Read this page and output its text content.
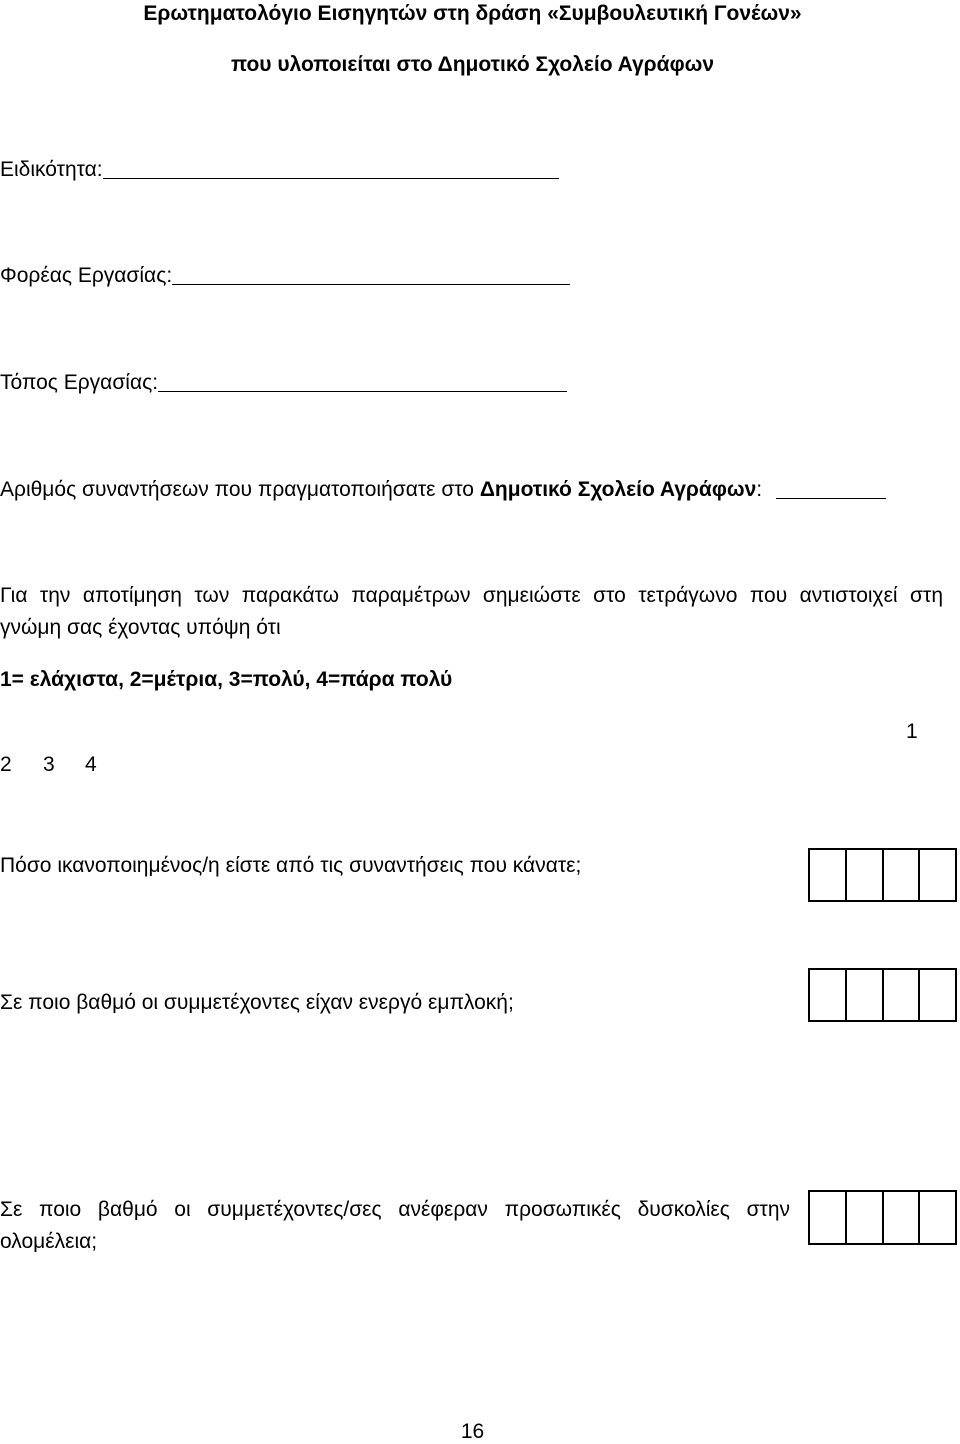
Ερωτηματολόγιο Εισηγητών στη δράση «Συμβουλευτική Γονέων»
που υλοποιείται στο Δημοτικό Σχολείο Αγράφων
Ειδικότητα:
Φορέας Εργασίας:
Τόπος Εργασίας:
Αριθμός συναντήσεων που πραγματοποιήσατε στο Δημοτικό Σχολείο Αγράφων:
Για την αποτίμηση των παρακάτω παραμέτρων σημειώστε στο τετράγωνο που αντιστοιχεί στη
γνώμη σας έχοντας υπόψη ότι
1= ελάχιστα, 2=μέτρια, 3=πολύ, 4=πάρα πολύ
1
2 3 4
Πόσο ικανοποιημένος/η είστε από τις συναντήσεις που κάνατε;
Σε ποιο βαθμό οι συμμετέχοντες είχαν ενεργό εμπλοκή;
Σε ποιο βαθμό οι συμμετέχοντες/σες ανέφεραν προσωπικές δυσκολίες στην
ολομέλεια;
16
